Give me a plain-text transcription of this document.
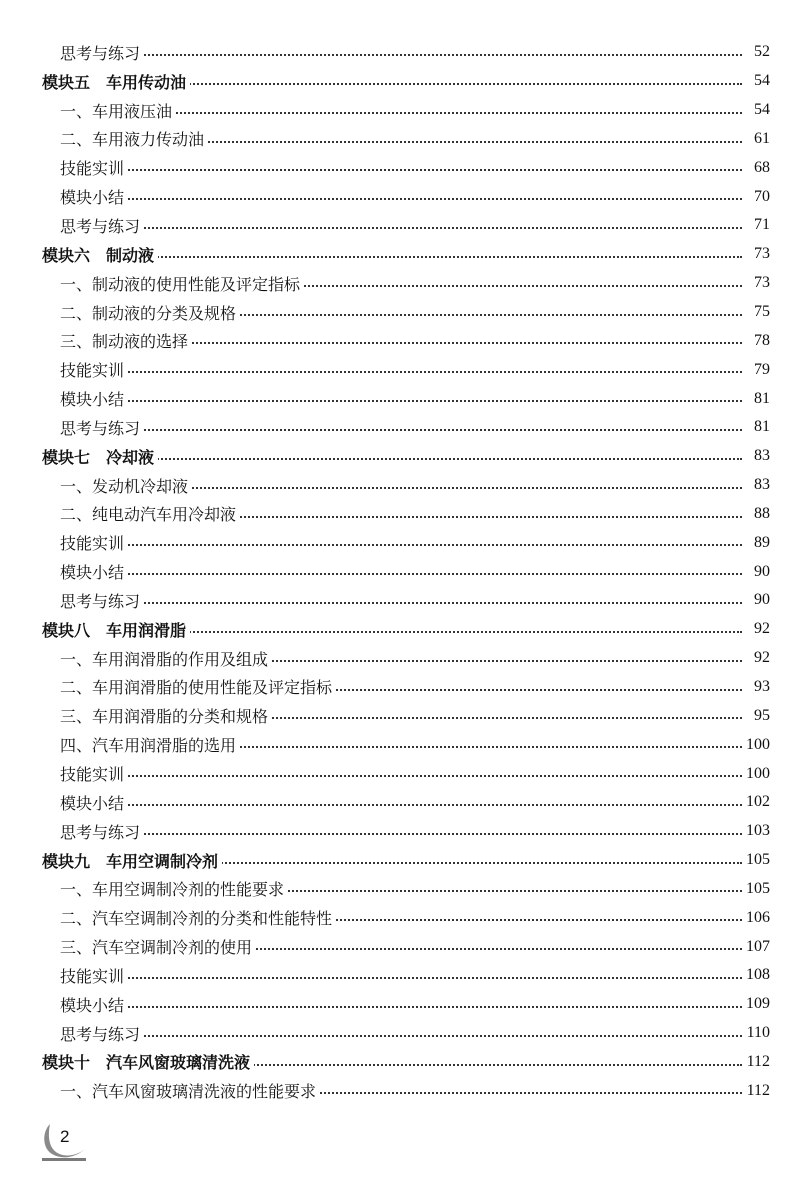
思考与练习	52
模块五　车用传动油	54
一、车用液压油	54
二、车用液力传动油	61
技能实训	68
模块小结	70
思考与练习	71
模块六　制动液	73
一、制动液的使用性能及评定指标	73
二、制动液的分类及规格	75
三、制动液的选择	78
技能实训	79
模块小结	81
思考与练习	81
模块七　冷却液	83
一、发动机冷却液	83
二、纯电动汽车用冷却液	88
技能实训	89
模块小结	90
思考与练习	90
模块八　车用润滑脂	92
一、车用润滑脂的作用及组成	92
二、车用润滑脂的使用性能及评定指标	93
三、车用润滑脂的分类和规格	95
四、汽车用润滑脂的选用	100
技能实训	100
模块小结	102
思考与练习	103
模块九　车用空调制冷剂	105
一、车用空调制冷剂的性能要求	105
二、汽车空调制冷剂的分类和性能特性	106
三、汽车空调制冷剂的使用	107
技能实训	108
模块小结	109
思考与练习	110
模块十　汽车风窗玻璃清洗液	112
一、汽车风窗玻璃清洗液的性能要求	112
2
